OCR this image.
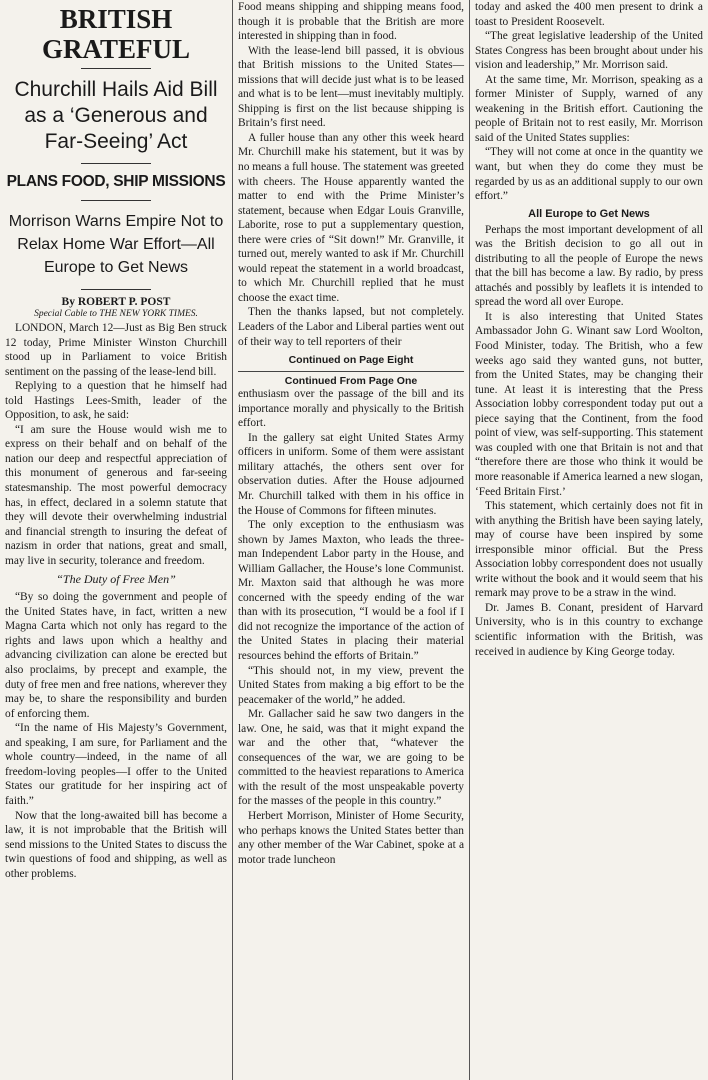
BRITISH GRATEFUL
Churchill Hails Aid Bill as a ‘Generous and Far-Seeing’ Act
PLANS FOOD, SHIP MISSIONS
Morrison Warns Empire Not to Relax Home War Effort—All Europe to Get News
By ROBERT P. POST
Special Cable to THE NEW YORK TIMES.

LONDON, March 12—Just as Big Ben struck 12 today, Prime Minister Winston Churchill stood up in Parliament to voice British sentiment on the passing of the lease-lend bill.

Replying to a question that he himself had told Hastings Lees-Smith, leader of the Opposition, to ask, he said:

“I am sure the House would wish me to express on their behalf and on behalf of the nation our deep and respectful appreciation of this monument of generous and far-seeing statesmanship. The most powerful democracy has, in effect, declared in a solemn statute that they will devote their overwhelming industrial and financial strength to insuring the defeat of nazism in order that nations, great and small, may live in security, tolerance and freedom.

“The Duty of Free Men”

“By so doing the government and people of the United States have, in fact, written a new Magna Carta which not only has regard to the rights and laws upon which a healthy and advancing civilization can alone be erected but also proclaims, by precept and example, the duty of free men and free nations, wherever they may be, to share the responsibility and burden of enforcing them.

“In the name of His Majesty’s Government, and speaking, I am sure, for Parliament and the whole country—indeed, in the name of all freedom-loving peoples—I offer to the United States our gratitude for her inspiring act of faith.”

Now that the long-awaited bill has become a law, it is not improbable that the British will send missions to the United States to discuss the twin questions of food and shipping, as well as other problems.

Food means shipping and shipping means food, though it is probable that the British are more interested in shipping than in food.

With the lease-lend bill passed, it is obvious that British missions to the United States—missions that will decide just what is to be leased and what is to be lent—must inevitably multiply. Shipping is first on the list because shipping is Britain’s first need.

A fuller house than any other this week heard Mr. Churchill make his statement, but it was by no means a full house. The statement was greeted with cheers. The House apparently wanted the matter to end with the Prime Minister’s statement, because when Edgar Louis Granville, Laborite, rose to put a supplementary question, there were cries of “Sit down!” Mr. Granville, it turned out, merely wanted to ask if Mr. Churchill would repeat the statement in a world broadcast, to which Mr. Churchill replied that he must choose the exact time.

Then the thanks lapsed, but not completely. Leaders of the Labor and Liberal parties went out of their way to tell reporters of their

Continued on Page Eight
Continued From Page One

enthusiasm over the passage of the bill and its importance morally and physically to the British effort.

In the gallery sat eight United States Army officers in uniform. Some of them were assistant military attachés, the others sent over for observation duties. After the House adjourned Mr. Churchill talked with them in his office in the House of Commons for fifteen minutes.

The only exception to the enthusiasm was shown by James Maxton, who leads the three-man Independent Labor party in the House, and William Gallacher, the House’s lone Communist. Mr. Maxton said that although he was more concerned with the speedy ending of the war than with its prosecution, “I would be a fool if I did not recognize the importance of the action of the United States in placing their material resources behind the efforts of Britain.”

“This should not, in my view, prevent the United States from making a big effort to be the peacemaker of the world,” he added.

Mr. Gallacher said he saw two dangers in the law. One, he said, was that it might expand the war and the other that, “whatever the consequences of the war, we are going to be committed to the heaviest reparations to America with the result of the most unspeakable poverty for the masses of the people in this country.”

Herbert Morrison, Minister of Home Security, who perhaps knows the United States better than any other member of the War Cabinet, spoke at a motor trade luncheon

today and asked the 400 men present to drink a toast to President Roosevelt.

“The great legislative leadership of the United States Congress has been brought about under his vision and leadership,” Mr. Morrison said.

At the same time, Mr. Morrison, speaking as a former Minister of Supply, warned of any weakening in the British effort. Cautioning the people of Britain not to rest easily, Mr. Morrison said of the United States supplies:

“They will not come at once in the quantity we want, but when they do come they must be regarded by us as an additional supply to our own effort.”

All Europe to Get News

Perhaps the most important development of all was the British decision to go all out in distributing to all the people of Europe the news that the bill has become a law. By radio, by press attachés and possibly by leaflets it is intended to spread the word all over Europe.

It is also interesting that United States Ambassador John G. Winant saw Lord Woolton, Food Minister, today. The British, who a few weeks ago said they wanted guns, not butter, from the United States, may be changing their tune. At least it is interesting that the Press Association lobby correspondent today put out a piece saying that the Continent, from the food point of view, was self-supporting. This statement was coupled with one that Britain is not and that “therefore there are those who think it would be more reasonable if America learned a new slogan, ‘Feed Britain First.’

This statement, which certainly does not fit in with anything the British have been saying lately, may of course have been inspired by some irresponsible minor official. But the Press Association lobby correspondent does not usually write without the book and it would seem that his remark may prove to be a straw in the wind.

Dr. James B. Conant, president of Harvard University, who is in this country to exchange scientific information with the British, was received in audience by King George today.
